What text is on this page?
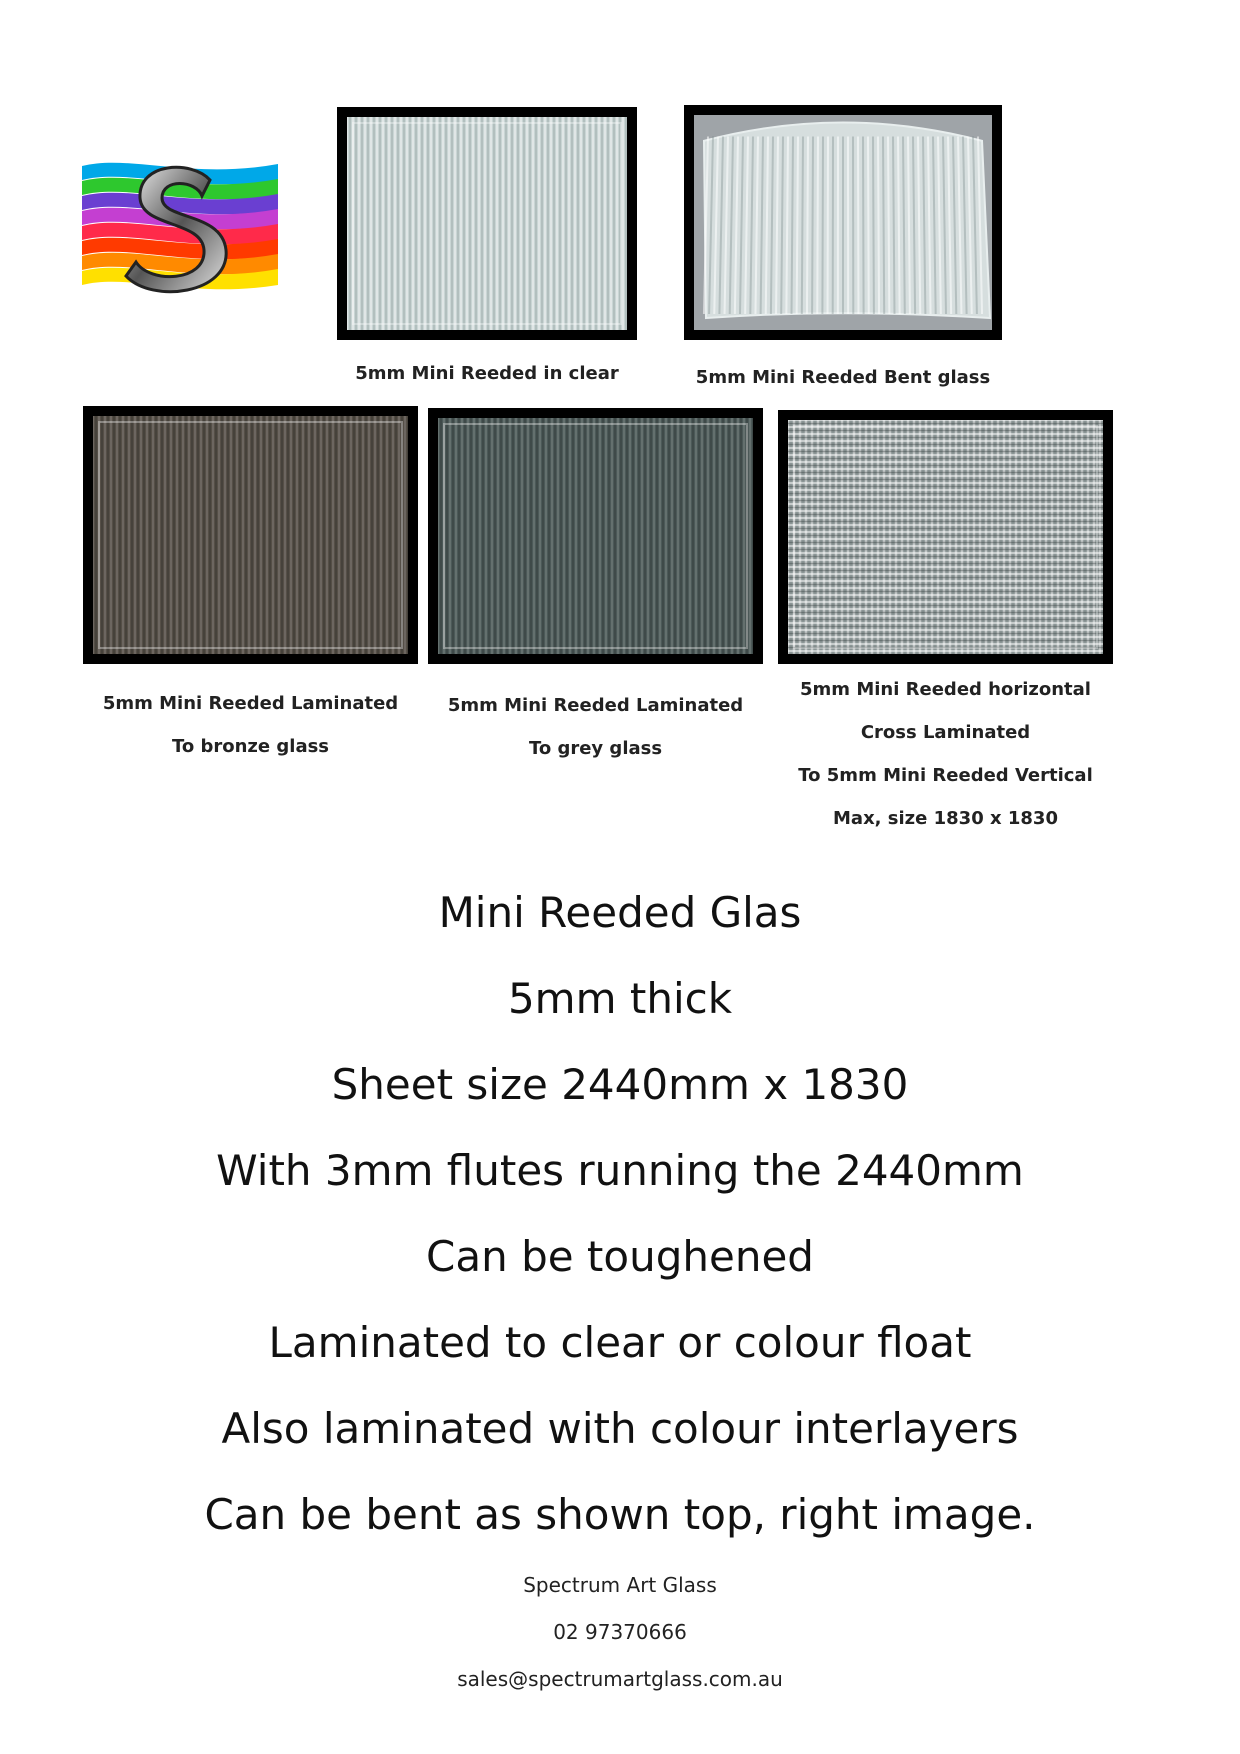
5mm Mini Reeded in clear	5mm Mini Reeded Bent glass
5mm Mini Reeded Laminated
To bronze glass
5mm Mini Reeded Laminated
To grey glass
5mm Mini Reeded horizontal
Cross Laminated
To 5mm Mini Reeded Vertical
Max, size 1830 x 1830
Mini Reeded Glas
5mm thick
Sheet size 2440mm x 1830
With 3mm flutes running the 2440mm
Can be toughened
Laminated to clear or colour float
Also laminated with colour interlayers
Can be bent as shown top, right image.
Spectrum Art Glass
02 97370666
sales@spectrumartglass.com.au
